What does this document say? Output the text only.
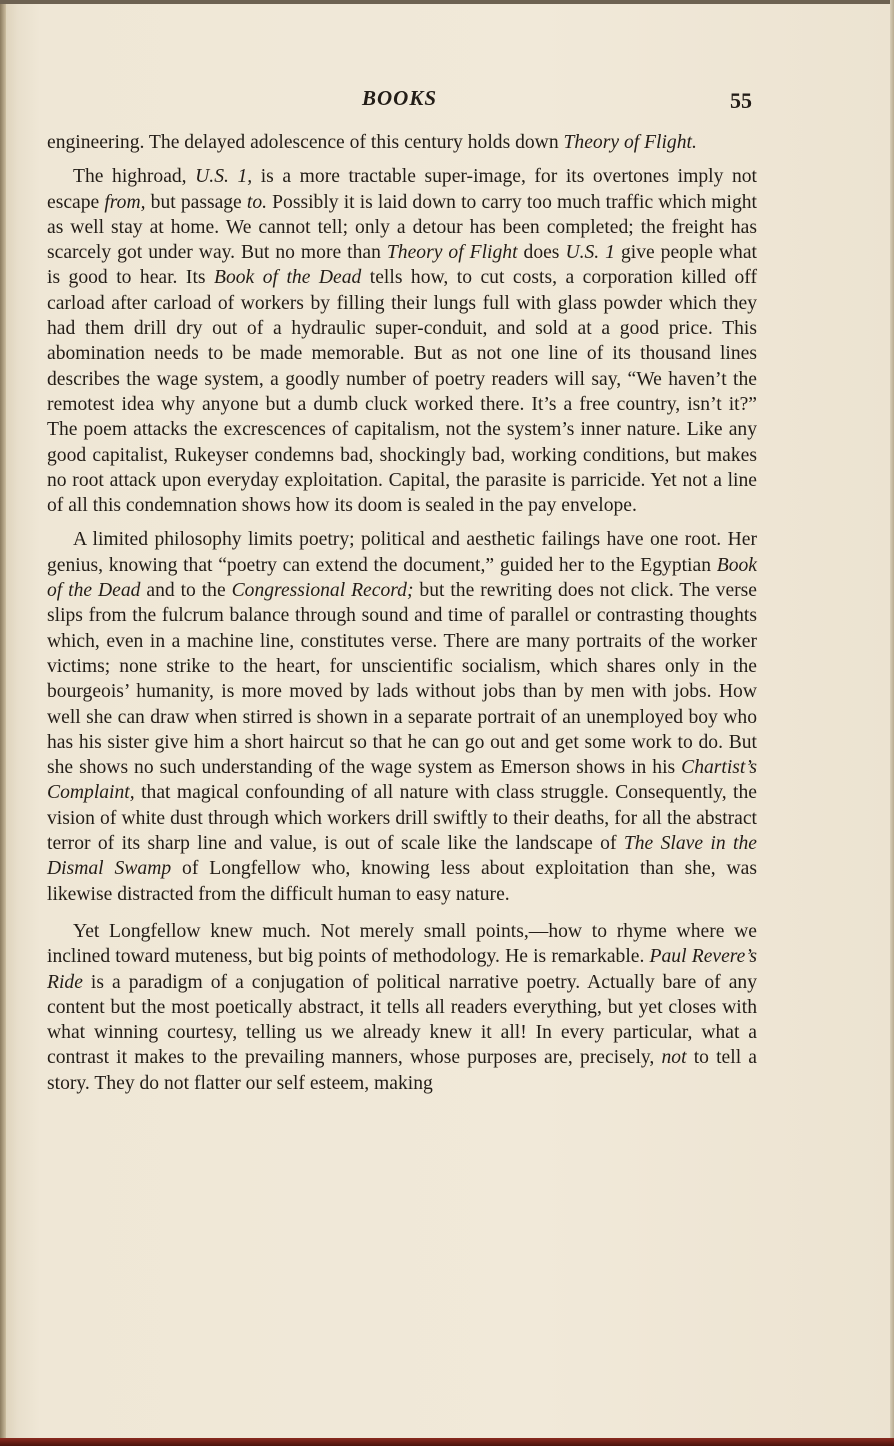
BOOKS	55

engineering. The delayed adolescence of this century holds down Theory of Flight.

The highroad, U.S. 1, is a more tractable super-image, for its overtones imply not escape from, but passage to. Possibly it is laid down to carry too much traffic which might as well stay at home. We cannot tell; only a detour has been completed; the freight has scarcely got under way. But no more than Theory of Flight does U.S. 1 give people what is good to hear. Its Book of the Dead tells how, to cut costs, a corporation killed off carload after carload of workers by filling their lungs full with glass powder which they had them drill dry out of a hydraulic super-conduit, and sold at a good price. This abomination needs to be made memorable. But as not one line of its thousand lines describes the wage system, a goodly number of poetry readers will say, “We haven’t the remotest idea why anyone but a dumb cluck worked there. It’s a free country, isn’t it?” The poem attacks the excrescences of capitalism, not the system’s inner nature. Like any good capitalist, Rukeyser condemns bad, shockingly bad, working conditions, but makes no root attack upon everyday exploitation. Capital, the parasite is parricide. Yet not a line of all this condemnation shows how its doom is sealed in the pay envelope.

A limited philosophy limits poetry; political and aesthetic failings have one root. Her genius, knowing that “poetry can extend the document,” guided her to the Egyptian Book of the Dead and to the Congressional Record; but the rewriting does not click. The verse slips from the fulcrum balance through sound and time of parallel or contrasting thoughts which, even in a machine line, constitutes verse. There are many portraits of the worker victims; none strike to the heart, for unscientific socialism, which shares only in the bourgeois’ humanity, is more moved by lads without jobs than by men with jobs. How well she can draw when stirred is shown in a separate portrait of an unemployed boy who has his sister give him a short haircut so that he can go out and get some work to do. But she shows no such understanding of the wage system as Emerson shows in his Chartist’s Complaint, that magical confounding of all nature with class struggle. Consequently, the vision of white dust through which workers drill swiftly to their deaths, for all the abstract terror of its sharp line and value, is out of scale like the landscape of The Slave in the Dismal Swamp of Longfellow who, knowing less about exploitation than she, was likewise distracted from the difficult human to easy nature.

Yet Longfellow knew much. Not merely small points,—how to rhyme where we inclined toward muteness, but big points of methodology. He is remarkable. Paul Revere’s Ride is a paradigm of a conjugation of political narrative poetry. Actually bare of any content but the most poetically abstract, it tells all readers everything, but yet closes with what winning courtesy, telling us we already knew it all! In every particular, what a contrast it makes to the prevailing manners, whose purposes are, precisely, not to tell a story. They do not flatter our self esteem, making
